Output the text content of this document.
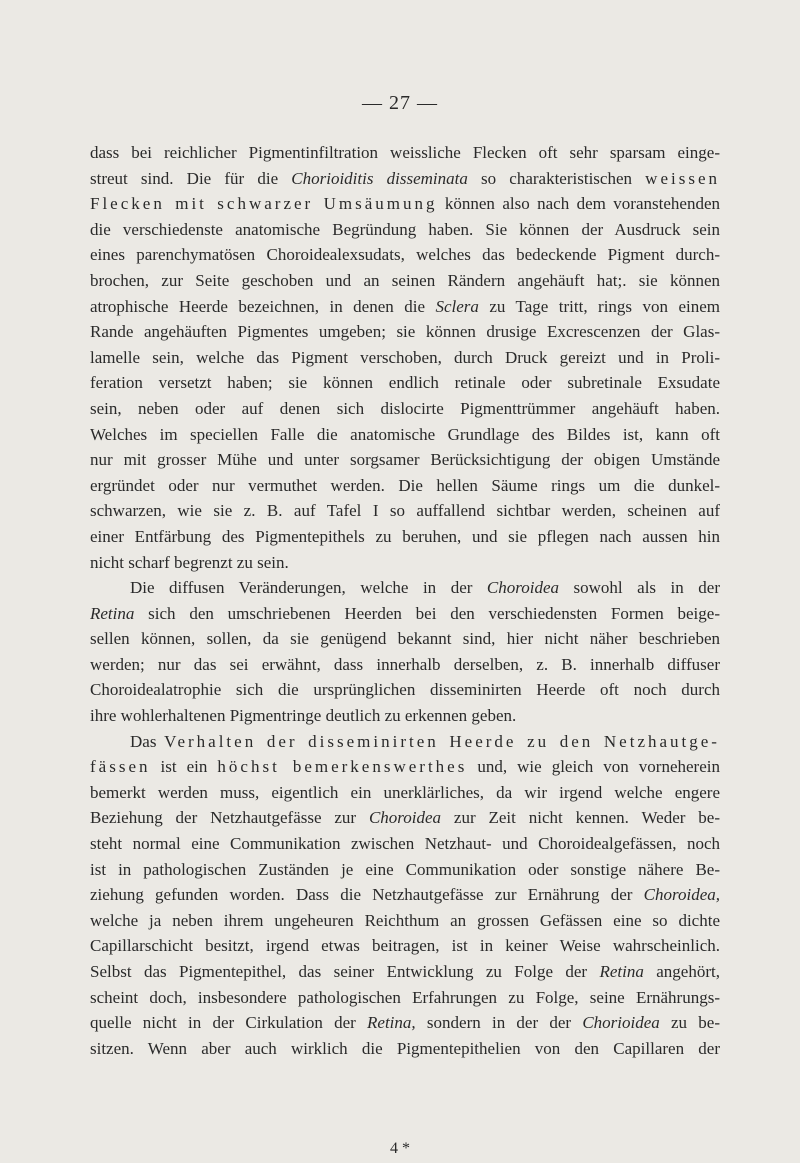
— 27 —
dass bei reichlicher Pigmentinfiltration weissliche Flecken oft sehr sparsam einge-
streut sind. Die für die Chorioiditis disseminata so charakteristischen weissen
Flecken mit schwarzer Umsäumung können also nach dem voranstehenden
die verschiedenste anatomische Begründung haben. Sie können der Ausdruck sein
eines parenchymatösen Choroidealexsudats, welches das bedeckende Pigment durch-
brochen, zur Seite geschoben und an seinen Rändern angehäuft hat;. sie können
atrophische Heerde bezeichnen, in denen die Sclera zu Tage tritt, rings von einem
Rande angehäuften Pigmentes umgeben; sie können drusige Excrescenzen der Glas-
lamelle sein, welche das Pigment verschoben, durch Druck gereizt und in Proli-
feration versetzt haben; sie können endlich retinale oder subretinale Exsudate
sein, neben oder auf denen sich dislocirte Pigmenttrümmer angehäuft haben.
Welches im speciellen Falle die anatomische Grundlage des Bildes ist, kann oft
nur mit grosser Mühe und unter sorgsamer Berücksichtigung der obigen Umstände
ergründet oder nur vermuthet werden. Die hellen Säume rings um die dunkel-
schwarzen, wie sie z. B. auf Tafel I so auffallend sichtbar werden, scheinen auf
einer Entfärbung des Pigmentepithels zu beruhen, und sie pflegen nach aussen hin
nicht scharf begrenzt zu sein.
Die diffusen Veränderungen, welche in der Choroidea sowohl als in der
Retina sich den umschriebenen Heerden bei den verschiedensten Formen beige-
sellen können, sollen, da sie genügend bekannt sind, hier nicht näher beschrieben
werden; nur das sei erwähnt, dass innerhalb derselben, z. B. innerhalb diffuser
Choroidealatrophie sich die ursprünglichen disseminirten Heerde oft noch durch
ihre wohlerhaltenen Pigmentringe deutlich zu erkennen geben.
Das Verhalten der disseminirten Heerde zu den Netzhautge-
fässen ist ein höchst bemerkenswerthes und, wie gleich von vorneherein
bemerkt werden muss, eigentlich ein unerklärliches, da wir irgend welche engere
Beziehung der Netzhautgefässe zur Choroidea zur Zeit nicht kennen. Weder be-
steht normal eine Communikation zwischen Netzhaut- und Choroidealgefässen, noch
ist in pathologischen Zuständen je eine Communikation oder sonstige nähere Be-
ziehung gefunden worden. Dass die Netzhautgefässe zur Ernährung der Choroidea,
welche ja neben ihrem ungeheuren Reichthum an grossen Gefässen eine so dichte
Capillarschicht besitzt, irgend etwas beitragen, ist in keiner Weise wahrscheinlich.
Selbst das Pigmentepithel, das seiner Entwicklung zu Folge der Retina angehört,
scheint doch, insbesondere pathologischen Erfahrungen zu Folge, seine Ernährungs-
quelle nicht in der Cirkulation der Retina, sondern in der der Chorioidea zu be-
sitzen. Wenn aber auch wirklich die Pigmentepithelien von den Capillaren der
4 *
